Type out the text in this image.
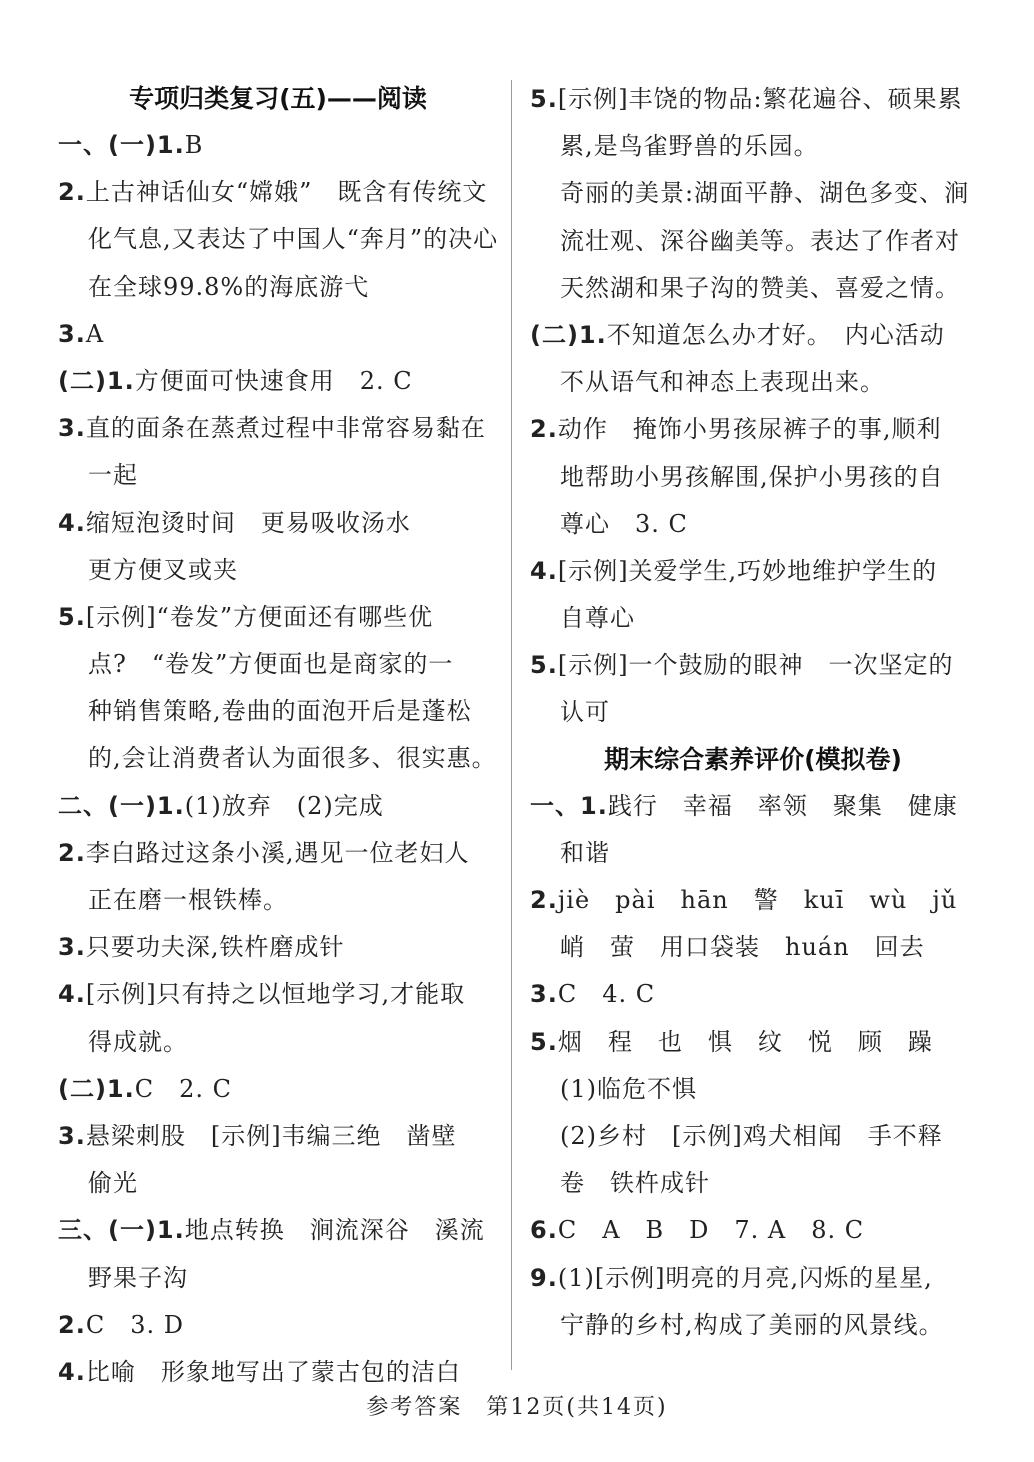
专项归类复习(五)——阅读
一、(一)1.B
2.上古神话仙女“嫦娥”　既含有传统文
化气息,又表达了中国人“奔月”的决心
在全球99.8%的海底游弋
3.A
(二)1.方便面可快速食用　2. C
3.直的面条在蒸煮过程中非常容易黏在
一起
4.缩短泡烫时间　更易吸收汤水
更方便叉或夹
5.[示例]“卷发”方便面还有哪些优
点?　“卷发”方便面也是商家的一
种销售策略,卷曲的面泡开后是蓬松
的,会让消费者认为面很多、很实惠。
二、(一)1.(1)放弃　(2)完成
2.李白路过这条小溪,遇见一位老妇人
正在磨一根铁棒。
3.只要功夫深,铁杵磨成针
4.[示例]只有持之以恒地学习,才能取
得成就。
(二)1.C　2. C
3.悬梁刺股　[示例]韦编三绝　凿壁
偷光
三、(一)1.地点转换　涧流深谷　溪流
野果子沟
2.C　3. D
4.比喻　形象地写出了蒙古包的洁白
5.[示例]丰饶的物品:繁花遍谷、硕果累
累,是鸟雀野兽的乐园。
奇丽的美景:湖面平静、湖色多变、涧
流壮观、深谷幽美等。表达了作者对
天然湖和果子沟的赞美、喜爱之情。
(二)1.不知道怎么办才好。　内心活动
不从语气和神态上表现出来。
2.动作　掩饰小男孩尿裤子的事,顺利
地帮助小男孩解围,保护小男孩的自
尊心　3. C
4.[示例]关爱学生,巧妙地维护学生的
自尊心
5.[示例]一个鼓励的眼神　一次坚定的
认可
期末综合素养评价(模拟卷)
一、1.践行　幸福　率领　聚集　健康
和谐
2.jiè　pài　hān　警　kuī　wù　jǔ
峭　萤　用口袋装　huán　回去
3.C　4. C
5.烟　程　也　惧　纹　悦　顾　躁
(1)临危不惧
(2)乡村　[示例]鸡犬相闻　手不释
卷　铁杵成针
6.C　A　B　D　7. A　8. C
9.(1)[示例]明亮的月亮,闪烁的星星,
宁静的乡村,构成了美丽的风景线。
参考答案　第12页(共14页)
